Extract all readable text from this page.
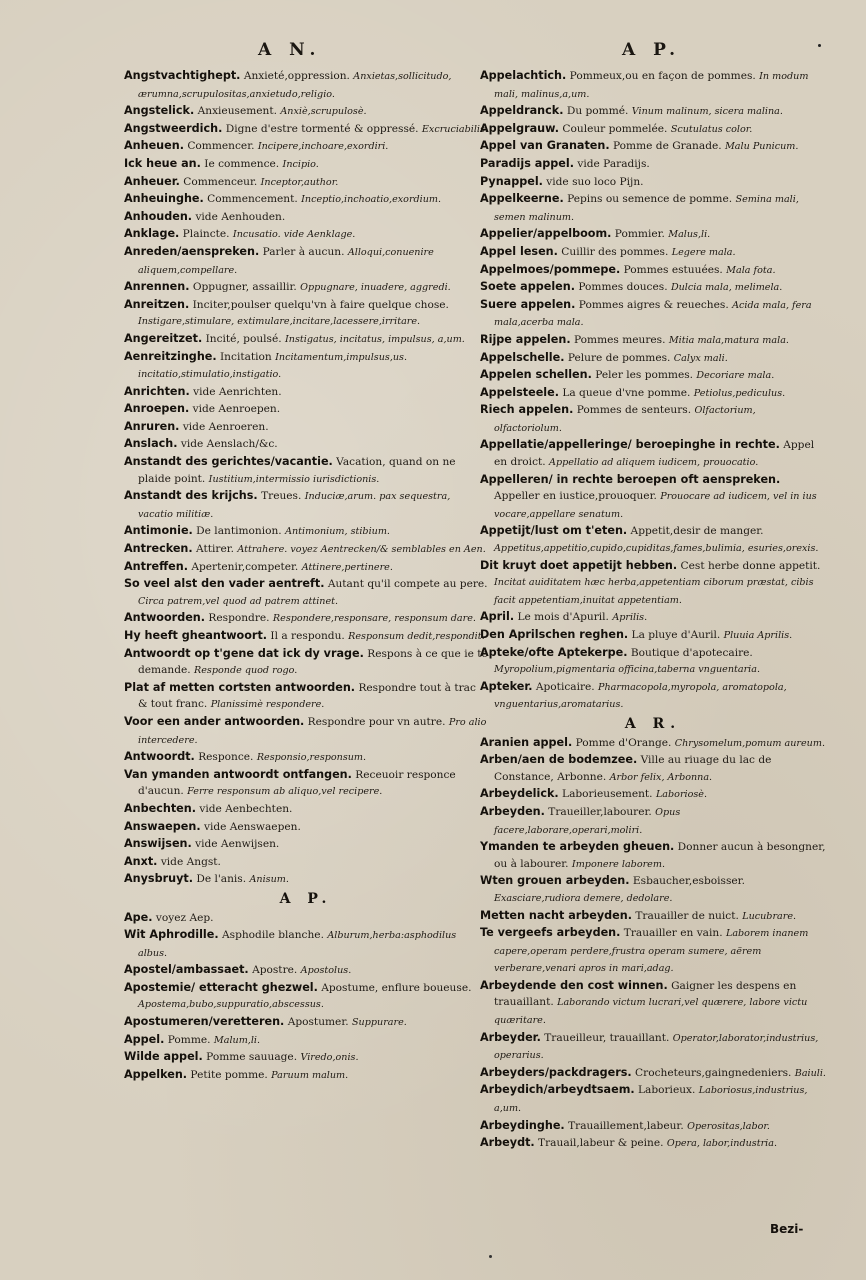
A N.	A P.

Angstvachtighept. Anxieté,oppression. Anxietas,sollicitudo, ærumna,scrupulositas,anxietudo,religio.

Angstelick. Anxieusement. Anxiè,scrupulosè.

Angstweerdich. Digne d'estre tormenté & oppressé. Excruciabilis.

Anheuen. Commencer. Incipere,inchoare,exordiri.

Ick heue an. Ie commence. Incipio.

Anheuer. Commenceur. Inceptor,author.

Anheuinghe. Commencement. Inceptio,inchoatio,exordium.

Anhouden. vide Aenhouden.

Anklage. Plaincte. Incusatio. vide Aenklage.

Anreden/aenspreken. Parler à aucun. Alloqui,conuenire aliquem,compellare.

Anrennen. Oppugner, assaillir. Oppugnare, inuadere, aggredi.

Anreitzen. Inciter,poulser quelqu'vn à faire quelque chose. Instigare,stimulare, extimulare,incitare,lacessere,irritare.

Angereitzet. Incité, poulsé. Instigatus, incitatus, impulsus, a,um.

Aenreitzinghe. Incitation Incitamentum,impulsus,us. incitatio,stimulatio,instigatio.

Anrichten. vide Aenrichten.

Anroepen. vide Aenroepen.

Anruren. vide Aenroeren.

Anslach. vide Aenslach/&c.

Anstandt des gerichtes/vacantie. Vacation, quand on ne plaide point. Iustitium,intermissio iurisdictionis.

Anstandt des krijchs. Treues. Induciæ,arum. pax sequestra, vacatio militiæ.

Antimonie. De lantimonion. Antimonium, stibium.

Antrecken. Attirer. Attrahere. voyez Aentrecken/& semblables en Aen.

Antreffen. Apertenir,competer. Attinere,pertinere.

So veel alst den vader aentreft. Autant qu'il compete au pere. Circa patrem,vel quod ad patrem attinet.

Antwoorden. Respondre. Respondere,responsare, responsum dare.

Hy heeft gheantwoort. Il a respondu. Responsum dedit,respondit.

Antwoordt op t'gene dat ick dy vrage. Respons à ce que ie te demande. Responde quod rogo.

Plat af metten cortsten antwoorden. Respondre tout à trac & tout franc. Planissimè respondere.

Voor een ander antwoorden. Respondre pour vn autre. Pro alio intercedere.

Antwoordt. Responce. Responsio,responsum.

Van ymanden antwoordt ontfangen. Receuoir responce d'aucun. Ferre responsum ab aliquo,vel recipere.

Anbechten. vide Aenbechten.

Answaepen. vide Aenswaepen.

Answijsen. vide Aenwijsen.

Anxt. vide Angst.

Anysbruyt. De l'anis. Anisum.

A P.

Ape. voyez Aep.

Wit Aphrodille. Asphodile blanche. Alburum,herba:asphodilus albus.

Apostel/ambassaet. Apostre. Apostolus.

Apostemie/ etteracht ghezwel. Apostume, enflure boueuse. Apostema,bubo,suppuratio,abscessus.

Apostumeren/veretteren. Apostumer. Suppurare.

Appel. Pomme. Malum,li.

Wilde appel. Pomme sauuage. Viredo,onis.

Appelken. Petite pomme. Paruum malum.

Appelachtich. Pommeux,ou en façon de pommes. In modum mali, malinus,a,um.

Appeldranck. Du pommé. Vinum malinum, sicera malina.

Appelgrauw. Couleur pommelée. Scutulatus color.

Appel van Granaten. Pomme de Granade. Malu Punicum.

Paradijs appel. vide Paradijs.

Pynappel. vide suo loco Pijn.

Appelkeerne. Pepins ou semence de pomme. Semina mali, semen malinum.

Appelier/appelboom. Pommier. Malus,li.

Appel lesen. Cuillir des pommes. Legere mala.

Appelmoes/pommepe. Pommes estuuées. Mala fota.

Soete appelen. Pommes douces. Dulcia mala, melimela.

Suere appelen. Pommes aigres & reueches. Acida mala, fera mala,acerba mala.

Rijpe appelen. Pommes meures. Mitia mala,matura mala.

Appelschelle. Pelure de pommes. Calyx mali.

Appelen schellen. Peler les pommes. Decoriare mala.

Appelsteele. La queue d'vne pomme. Petiolus,pediculus.

Riech appelen. Pommes de senteurs. Olfactorium, olfactoriolum.

Appellatie/appelleringe/ beroepinghe in rechte. Appel en droict. Appellatio ad aliquem iudicem, prouocatio.

Appelleren/ in rechte beroepen oft aenspreken. Appeller en iustice,prouoquer. Prouocare ad iudicem, vel in ius vocare,appellare senatum.

Appetijt/lust om t'eten. Appetit,desir de manger. Appetitus,appetitio,cupido,cupiditas,fames,bulimia, esuries,orexis.

Dit kruyt doet appetijt hebben. Cest herbe donne appetit. Incitat auiditatem hæc herba,appetentiam ciborum præstat, cibis facit appetentiam,inuitat appetentiam.

April. Le mois d'Apuril. Aprilis.

Den Aprilschen reghen. La pluye d'Auril. Pluuia Aprilis.

Apteke/ofte Aptekerpe. Boutique d'apotecaire. Myropolium,pigmentaria officina,taberna vnguentaria.

Apteker. Apoticaire. Pharmacopola,myropola, aromatopola, vnguentarius,aromatarius.

A R.

Aranien appel. Pomme d'Orange. Chrysomelum,pomum aureum.

Arben/aen de bodemzee. Ville au riuage du lac de Constance, Arbonne. Arbor felix, Arbonna.

Arbeydelick. Laborieusement. Laboriosè.

Arbeyden. Traueiller,labourer. Opus facere,laborare,operari,moliri.

Ymanden te arbeyden gheuen. Donner aucun à besongner, ou à labourer. Imponere laborem.

Wten grouen arbeyden. Esbaucher,esboisser. Exasciare,rudiora demere, dedolare.

Metten nacht arbeyden. Trauailler de nuict. Lucubrare.

Te vergeefs arbeyden. Trauailler en vain. Laborem inanem capere,operam perdere,frustra operam sumere, aërem verberare,venari apros in mari,adag.

Arbeydende den cost winnen. Gaigner les despens en trauaillant. Laborando victum lucrari,vel quærere, labore victu quæritare.

Arbeyder. Traueilleur, trauaillant. Operator,laborator,industrius, operarius.

Arbeyders/packdragers. Crocheteurs,gaingnedeniers. Baiuli.

Arbeydich/arbeydtsaem. Laborieux. Laboriosus,industrius, a,um.

Arbeydinghe. Trauaillement,labeur. Operositas,labor.

Arbeydt. Trauail,labeur & peine. Opera, labor,industria.

Bezi-
